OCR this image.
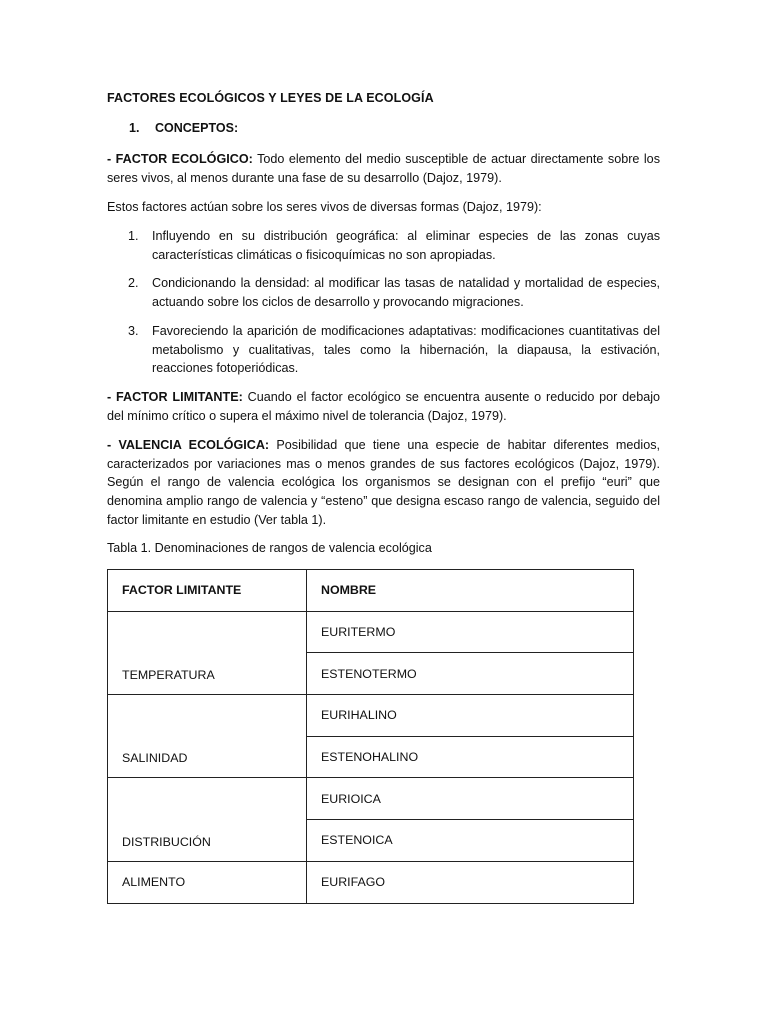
FACTORES ECOLÓGICOS Y LEYES DE LA ECOLOGÍA
1. CONCEPTOS:
- FACTOR ECOLÓGICO: Todo elemento del medio susceptible de actuar directamente sobre los seres vivos, al menos durante una fase de su desarrollo (Dajoz, 1979).
Estos factores actúan sobre los seres vivos de diversas formas (Dajoz, 1979):
1. Influyendo en su distribución geográfica: al eliminar especies de las zonas cuyas características climáticas o fisicoquímicas no son apropiadas.
2. Condicionando la densidad: al modificar las tasas de natalidad y mortalidad de especies, actuando sobre los ciclos de desarrollo y provocando migraciones.
3. Favoreciendo la aparición de modificaciones adaptativas: modificaciones cuantitativas del metabolismo y cualitativas, tales como la hibernación, la diapausa, la estivación, reacciones fotoperiódicas.
- FACTOR LIMITANTE: Cuando el factor ecológico se encuentra ausente o reducido por debajo del mínimo crítico o supera el máximo nivel de tolerancia (Dajoz, 1979).
- VALENCIA ECOLÓGICA: Posibilidad que tiene una especie de habitar diferentes medios, caracterizados por variaciones mas o menos grandes de sus factores ecológicos (Dajoz, 1979). Según el rango de valencia ecológica los organismos se designan con el prefijo “euri” que denomina amplio rango de valencia y “esteno” que designa escaso rango de valencia, seguido del factor limitante en estudio (Ver tabla 1).
Tabla 1. Denominaciones de rangos de valencia ecológica
FACTOR LIMITANTE	NOMBRE
TEMPERATURA	EURITERMO
	ESTENOTERMO
SALINIDAD	EURIHALINO
	ESTENOHALINO
DISTRIBUCIÓN	EURIOICA
	ESTENOICA
ALIMENTO	EURIFAGO
